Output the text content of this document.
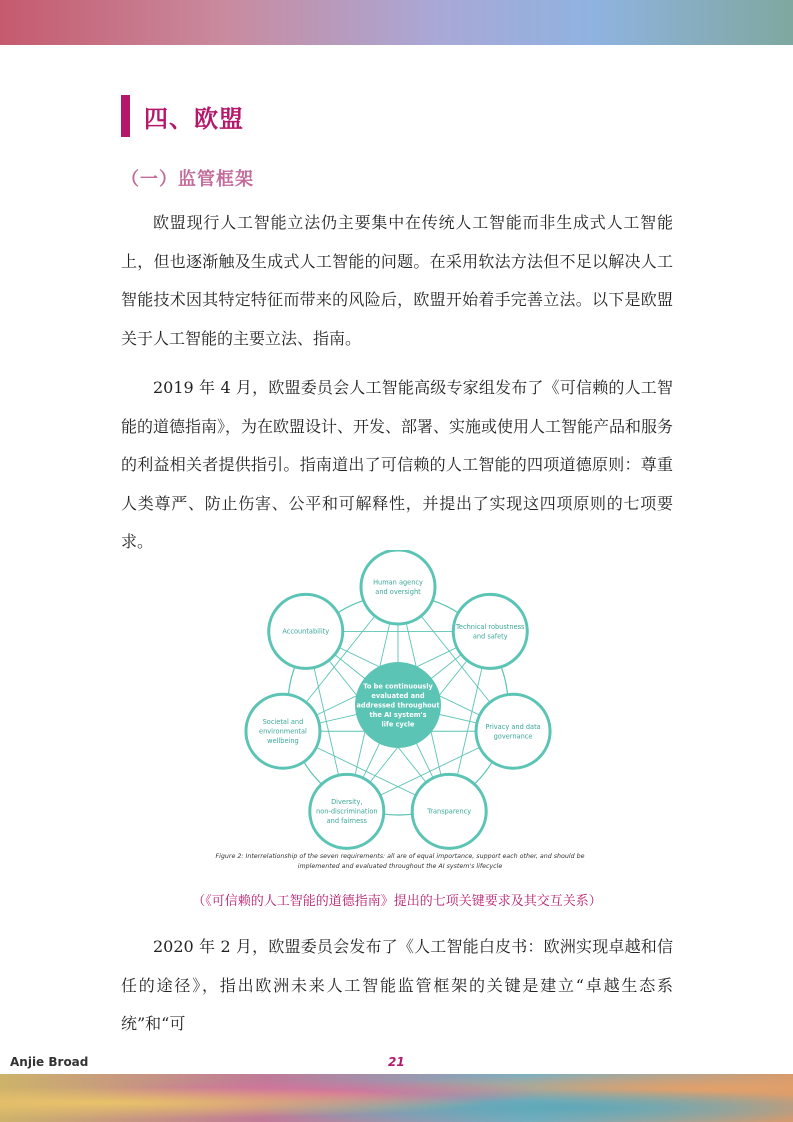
四、欧盟
（一）监管框架

欧盟现行人工智能立法仍主要集中在传统人工智能而非生成式人工智能上，但也逐渐触及生成式人工智能的问题。在采用软法方法但不足以解决人工智能技术因其特定特征而带来的风险后，欧盟开始着手完善立法。以下是欧盟关于人工智能的主要立法、指南。

2019 年 4 月，欧盟委员会人工智能高级专家组发布了《可信赖的人工智能的道德指南》，为在欧盟设计、开发、部署、实施或使用人工智能产品和服务的利益相关者提供指引。指南道出了可信赖的人工智能的四项道德原则：尊重人类尊严、防止伤害、公平和可解释性，并提出了实现这四项原则的七项要求。

To be continuously
evaluated and
addressed throughout
the AI system's
life cycle
Human agency
and oversight
Technical robustness
and safety
Privacy and data
governance
Transparency
Diversity,
non-discrimination
and fairness
Societal and
environmental
wellbeing
Accountability
Figure 2: Interrelationship of the seven requirements: all are of equal importance, support each other, and should be
implemented and evaluated throughout the AI system's lifecycle
（《可信赖的人工智能的道德指南》提出的七项关键要求及其交互关系）

2020 年 2 月，欧盟委员会发布了《人工智能白皮书：欧洲实现卓越和信任的途径》，指出欧洲未来人工智能监管框架的关键是建立“卓越生态系统”和“可

Anjie Broad	21
